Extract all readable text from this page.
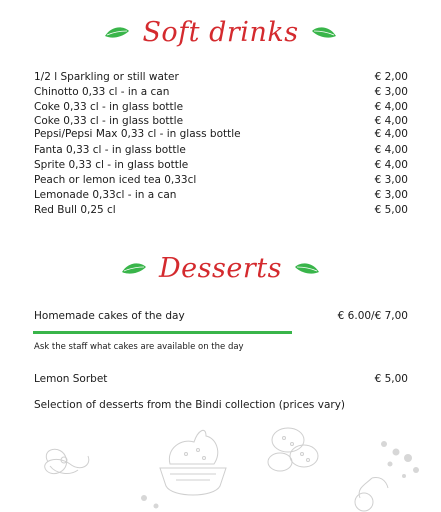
Soft drinks
1/2 l Sparkling or still water	€ 2,00
Chinotto 0,33 cl - in a can	€ 3,00
Coke 0,33 cl - in glass bottle	€ 4,00
Coke 0,33 cl - in glass bottle	€ 4,00
Pepsi/Pepsi Max 0,33 cl - in glass bottle	€ 4,00
Fanta 0,33 cl - in glass bottle	€ 4,00
Sprite 0,33 cl - in glass bottle	€ 4,00
Peach or lemon iced tea 0,33cl	€ 3,00
Lemonade 0,33cl - in a can	€ 3,00
Red Bull 0,25 cl	€ 5,00
Desserts
Homemade cakes of the day	€ 6.00/€ 7,00
Ask the staff what cakes are available on the day
Lemon Sorbet	€ 5,00
Selection of desserts from the Bindi collection (prices vary)
